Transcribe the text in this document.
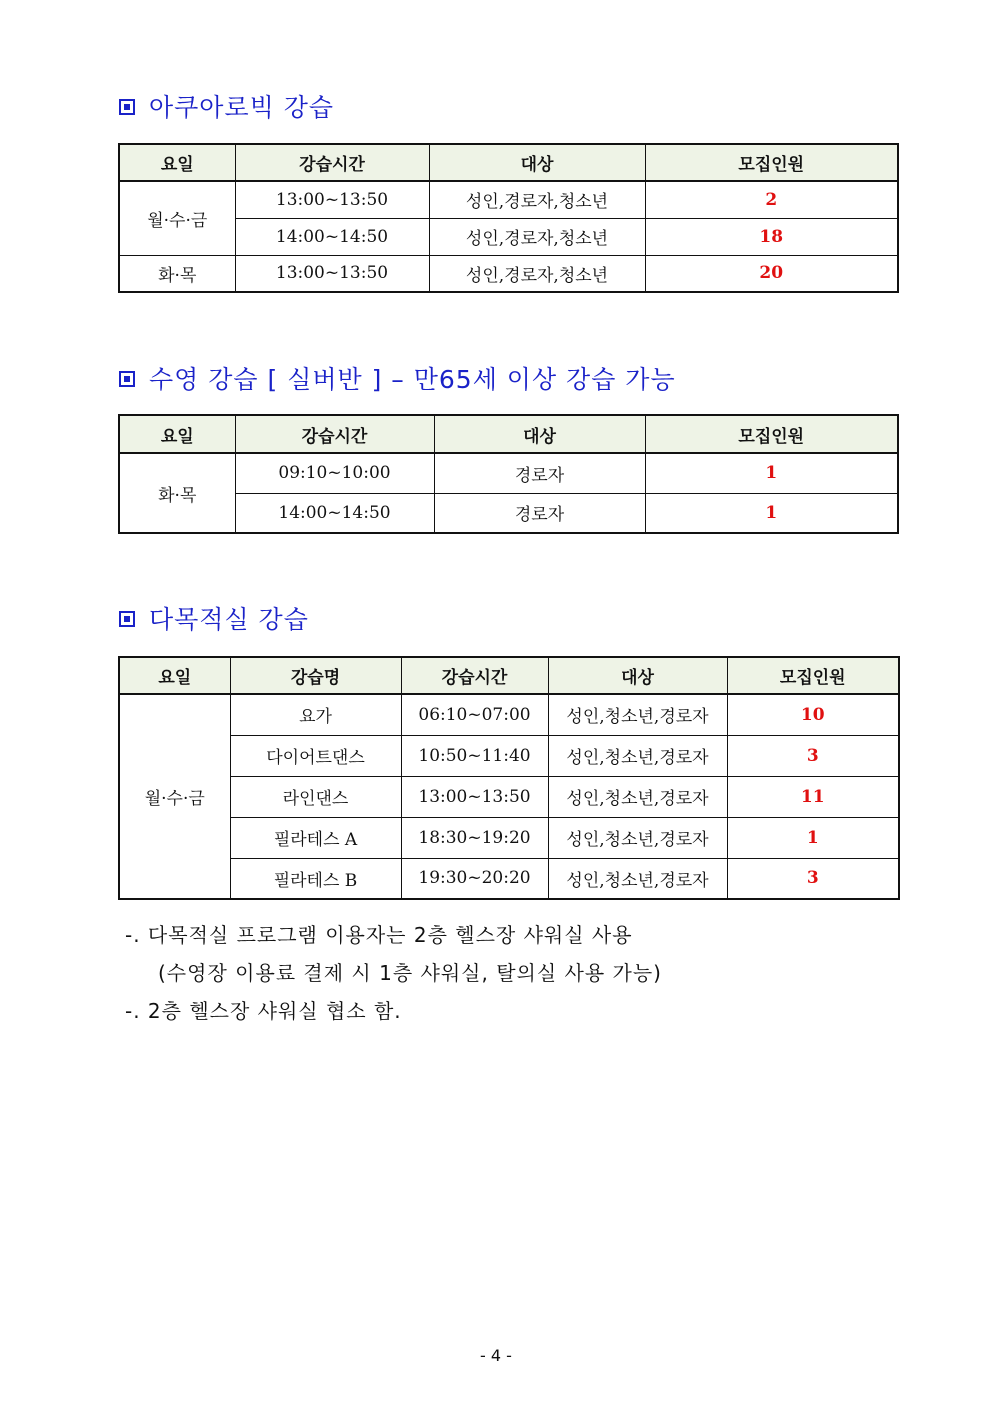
아쿠아로빅 강습
요일	강습시간	대상	모집인원
월·수·금	13:00~13:50	성인,경로자,청소년	2
	14:00~14:50	성인,경로자,청소년	18
화·목	13:00~13:50	성인,경로자,청소년	20
수영 강습 [ 실버반 ] – 만65세 이상 강습 가능
요일	강습시간	대상	모집인원
화·목	09:10~10:00	경로자	1
	14:00~14:50	경로자	1
다목적실 강습
요일	강습명	강습시간	대상	모집인원
월·수·금	요가	06:10~07:00	성인,청소년,경로자	10
	다이어트댄스	10:50~11:40	성인,청소년,경로자	3
	라인댄스	13:00~13:50	성인,청소년,경로자	11
	필라테스 A	18:30~19:20	성인,청소년,경로자	1
	필라테스 B	19:30~20:20	성인,청소년,경로자	3

-. 다목적실 프로그램 이용자는 2층 헬스장 샤워실 사용

(수영장 이용료 결제 시 1층 샤워실, 탈의실 사용 가능)

-. 2층 헬스장 샤워실 협소 함.

- 4 -
